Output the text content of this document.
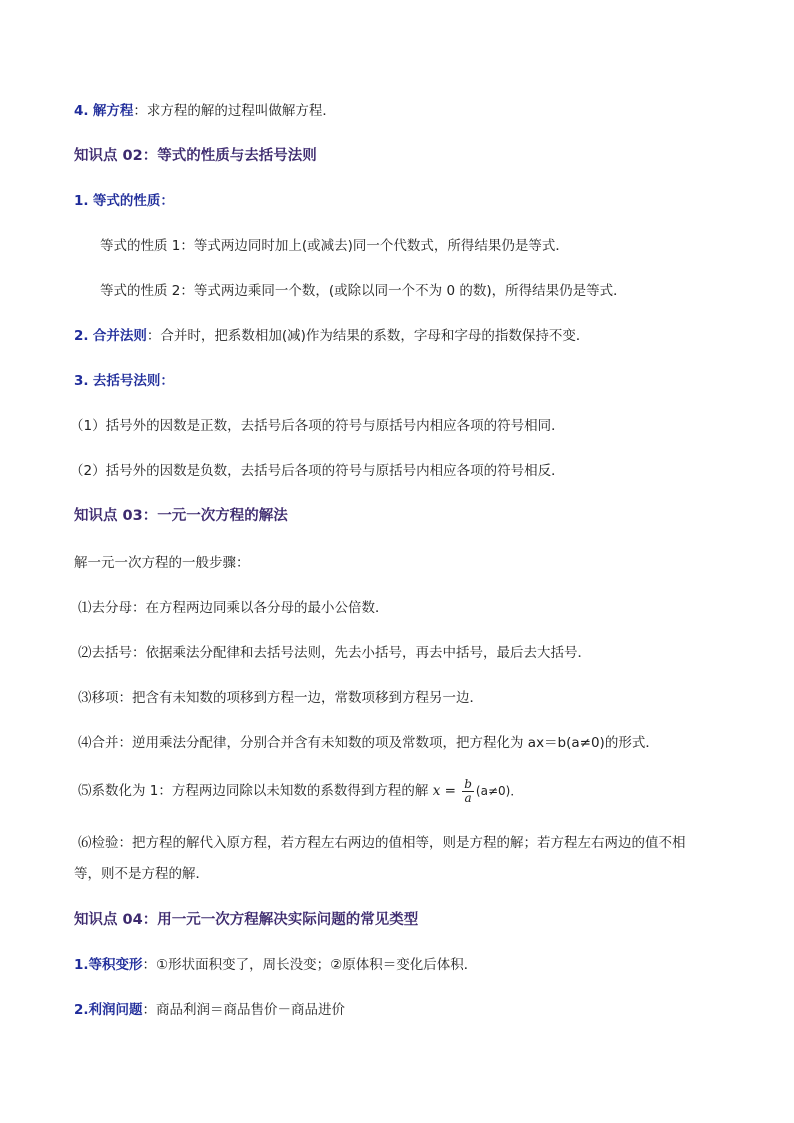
4. 解方程：求方程的解的过程叫做解方程．
知识点 02：等式的性质与去括号法则
1. 等式的性质：
等式的性质 1：等式两边同时加上(或减去)同一个代数式，所得结果仍是等式．
等式的性质 2：等式两边乘同一个数，(或除以同一个不为 0 的数)，所得结果仍是等式．
2. 合并法则：合并时，把系数相加(减)作为结果的系数，字母和字母的指数保持不变．
3. 去括号法则：
（1）括号外的因数是正数，去括号后各项的符号与原括号内相应各项的符号相同．
（2）括号外的因数是负数，去括号后各项的符号与原括号内相应各项的符号相反．
知识点 03：一元一次方程的解法
解一元一次方程的一般步骤：
⑴去分母：在方程两边同乘以各分母的最小公倍数．
⑵去括号：依据乘法分配律和去括号法则，先去小括号，再去中括号，最后去大括号．
⑶移项：把含有未知数的项移到方程一边，常数项移到方程另一边．
⑷合并：逆用乘法分配律，分别合并含有未知数的项及常数项，把方程化为 ax＝b(a≠0)的形式．
⑸系数化为 1：方程两边同除以未知数的系数得到方程的解 $x = \frac{b}{a} (a\ne 0)$．
⑹检验：把方程的解代入原方程，若方程左右两边的值相等，则是方程的解；若方程左右两边的值不相
等，则不是方程的解．
知识点 04：用一元一次方程解决实际问题的常见类型
1.等积变形：①形状面积变了，周长没变；②原体积＝变化后体积．
2.利润问题：商品利润＝商品售价－商品进价
